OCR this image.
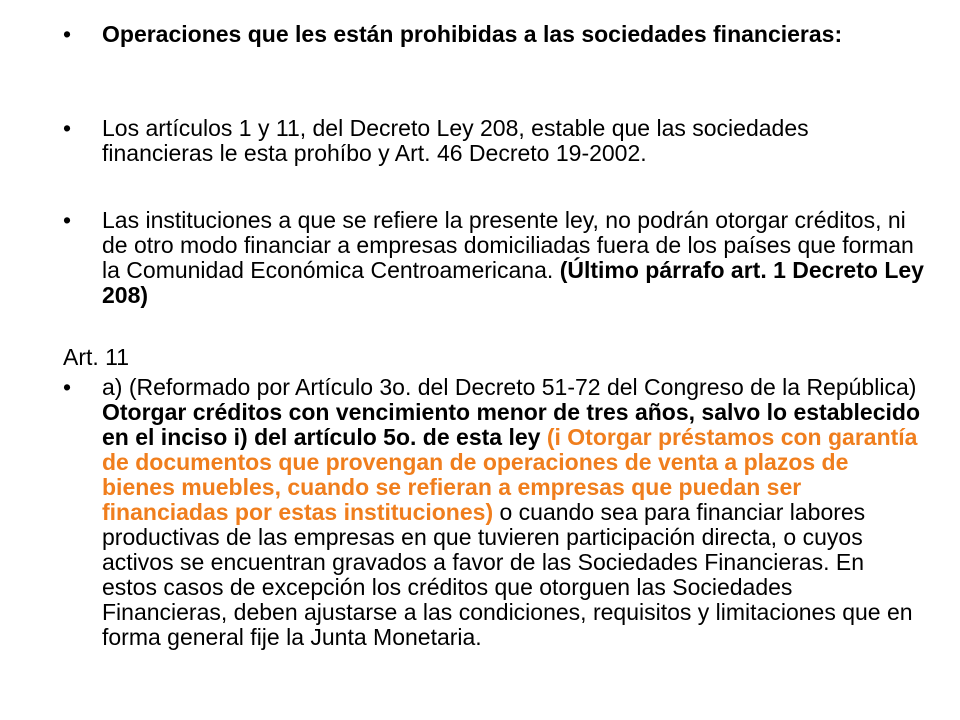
•	Operaciones que les están prohibidas a las sociedades financieras:
•	Los artículos 1 y 11, del Decreto Ley 208, estable que las sociedades financieras le esta prohíbo y Art. 46 Decreto 19-2002.
•	Las instituciones a que se refiere la presente ley, no podrán otorgar créditos, ni de otro modo financiar a empresas domiciliadas fuera de los países que forman la Comunidad Económica Centroamericana. (Último párrafo art. 1 Decreto Ley 208)
Art. 11
•	a) (Reformado por Artículo 3o. del Decreto 51-72 del Congreso de la República) Otorgar créditos con vencimiento menor de tres años, salvo lo establecido en el inciso i) del artículo 5o. de esta ley (i Otorgar préstamos con garantía de documentos que provengan de operaciones de venta a plazos de bienes muebles, cuando se refieran a empresas que puedan ser financiadas por estas instituciones) o cuando sea para financiar labores productivas de las empresas en que tuvieren participación directa, o cuyos activos se encuentran gravados a favor de las Sociedades Financieras. En estos casos de excepción los créditos que otorguen las Sociedades Financieras, deben ajustarse a las condiciones, requisitos y limitaciones que en forma general fije la Junta Monetaria.
